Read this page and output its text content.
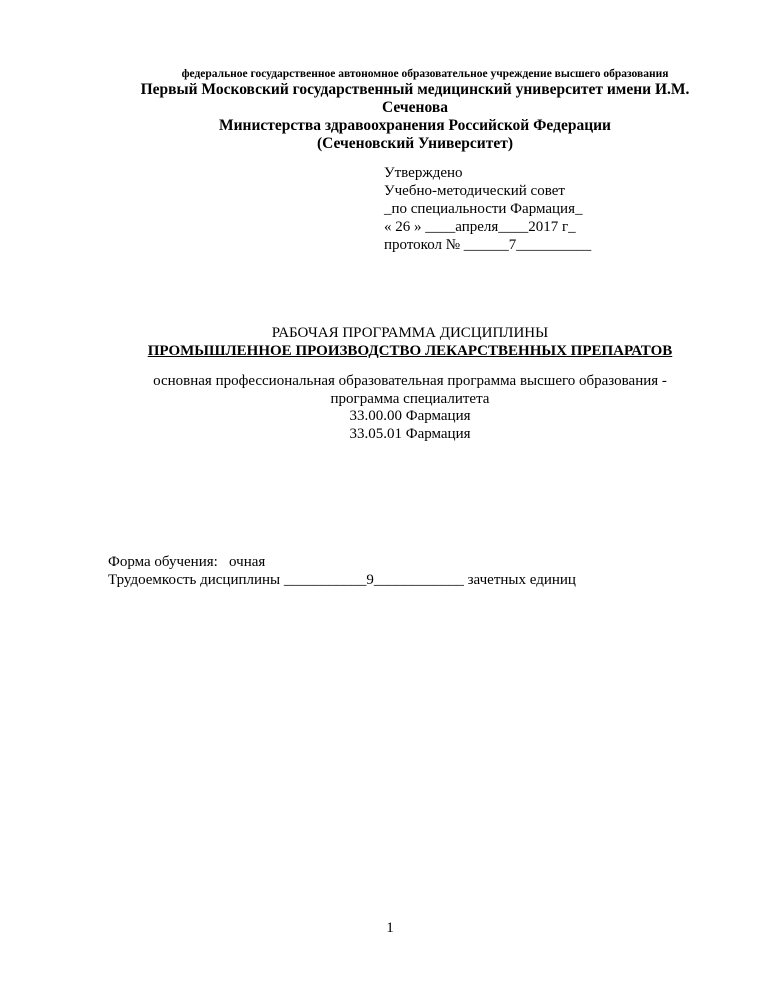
федеральное государственное автономное образовательное учреждение высшего образования
Первый Московский государственный медицинский университет имени И.М.
Сеченова
Министерства здравоохранения Российской Федерации
(Сеченовский Университет)
Утверждено
Учебно-методический совет
_по специальности Фармация_
« 26 » ____апреля____2017 г_
протокол № ______7__________
РАБОЧАЯ ПРОГРАММА ДИСЦИПЛИНЫ
ПРОМЫШЛЕННОЕ ПРОИЗВОДСТВО ЛЕКАРСТВЕННЫХ ПРЕПАРАТОВ
основная профессиональная образовательная программа высшего образования -
программа специалитета
33.00.00 Фармация
33.05.01 Фармация
Форма обучения:   очная
Трудоемкость дисциплины ___________9____________ зачетных единиц
1
